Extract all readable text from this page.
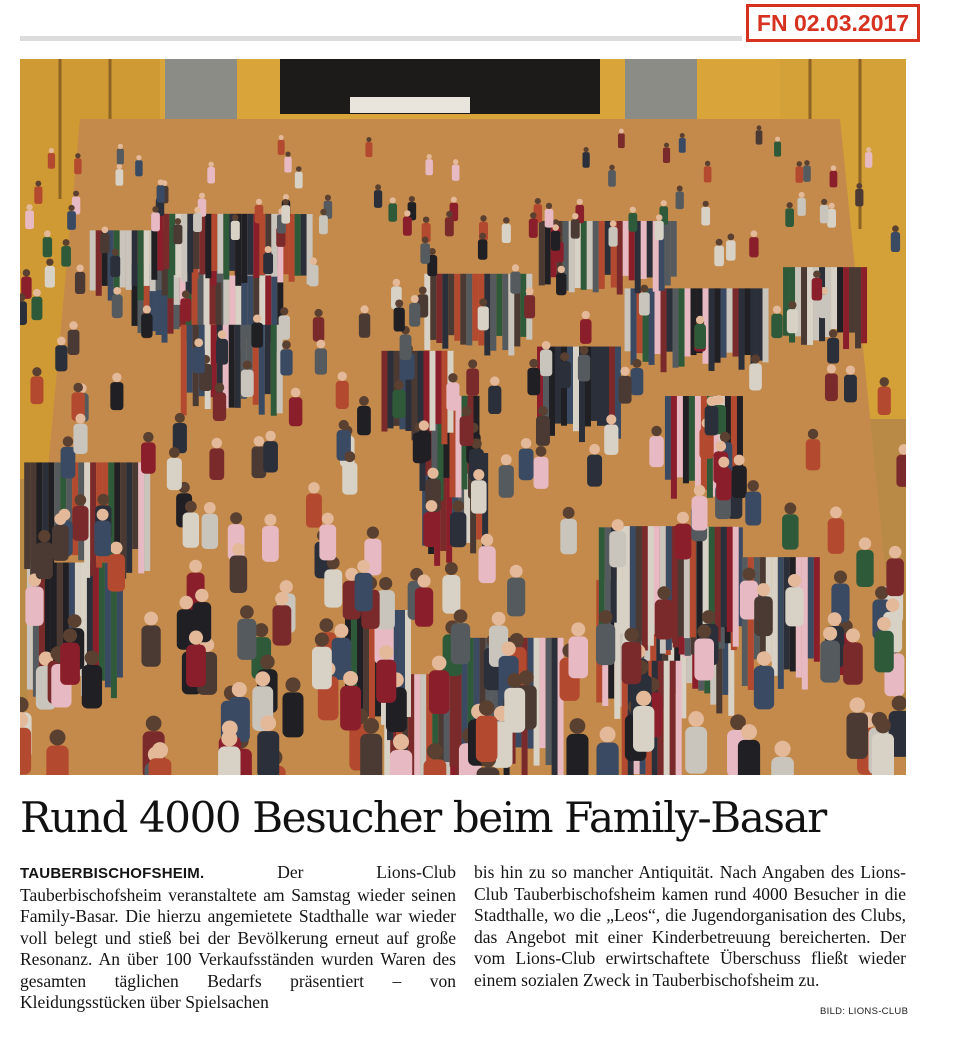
FN 02.03.2017
Rund 4000 Besucher beim Family-Basar
TAUBERBISCHOFSHEIM. Der Lions-Club Tauberbischofsheim veranstaltete am Samstag wieder seinen Family-Basar. Die hierzu angemietete Stadthalle war wieder voll belegt und stieß bei der Bevölkerung erneut auf große Resonanz. An über 100 Verkaufsständen wurden Waren des gesamten täglichen Bedarfs präsentiert – von Kleidungsstücken über Spielsachen
bis hin zu so mancher Antiquität. Nach Angaben des Lions-Club Tauberbischofsheim kamen rund 4000 Besucher in die Stadthalle, wo die „Leos“, die Jugendorganisation des Clubs, das Angebot mit einer Kinderbetreuung bereicherten. Der vom Lions-Club erwirtschaftete Überschuss fließt wieder einem sozialen Zweck in Tauberbischofsheim zu.
BILD: LIONS-CLUB
